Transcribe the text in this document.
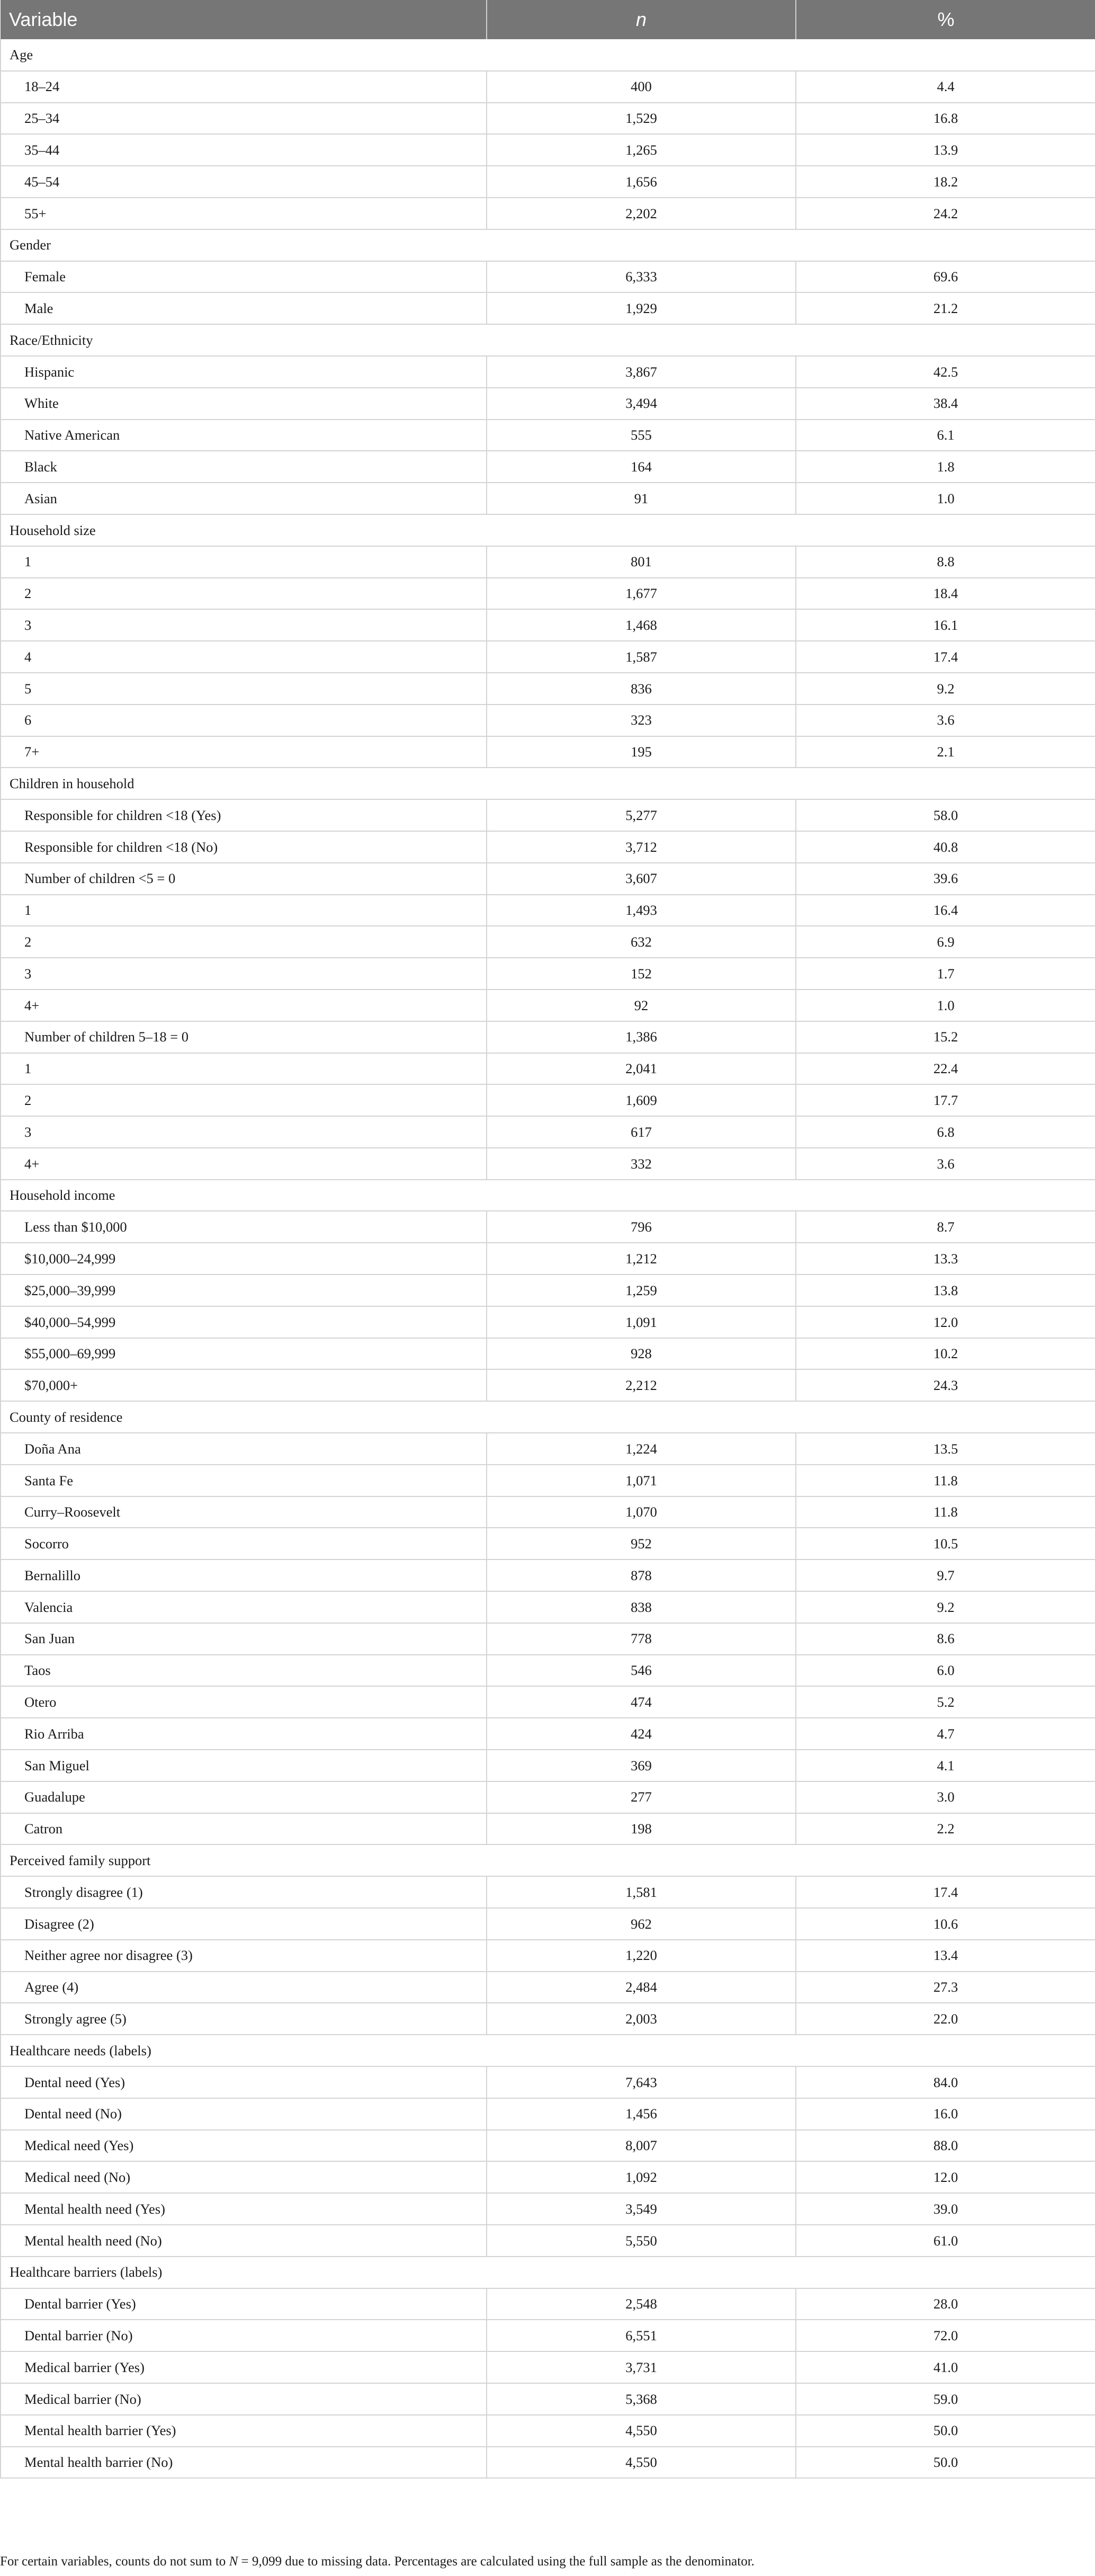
Variable	n	%
Age		
18–24	400	4.4
25–34	1,529	16.8
35–44	1,265	13.9
45–54	1,656	18.2
55+	2,202	24.2
Gender		
Female	6,333	69.6
Male	1,929	21.2
Race/Ethnicity		
Hispanic	3,867	42.5
White	3,494	38.4
Native American	555	6.1
Black	164	1.8
Asian	91	1.0
Household size		
1	801	8.8
2	1,677	18.4
3	1,468	16.1
4	1,587	17.4
5	836	9.2
6	323	3.6
7+	195	2.1
Children in household		
Responsible for children <18 (Yes)	5,277	58.0
Responsible for children <18 (No)	3,712	40.8
Number of children <5 = 0	3,607	39.6
1	1,493	16.4
2	632	6.9
3	152	1.7
4+	92	1.0
Number of children 5–18 = 0	1,386	15.2
1	2,041	22.4
2	1,609	17.7
3	617	6.8
4+	332	3.6
Household income		
Less than $10,000	796	8.7
$10,000–24,999	1,212	13.3
$25,000–39,999	1,259	13.8
$40,000–54,999	1,091	12.0
$55,000–69,999	928	10.2
$70,000+	2,212	24.3
County of residence		
Doña Ana	1,224	13.5
Santa Fe	1,071	11.8
Curry–Roosevelt	1,070	11.8
Socorro	952	10.5
Bernalillo	878	9.7
Valencia	838	9.2
San Juan	778	8.6
Taos	546	6.0
Otero	474	5.2
Rio Arriba	424	4.7
San Miguel	369	4.1
Guadalupe	277	3.0
Catron	198	2.2
Perceived family support		
Strongly disagree (1)	1,581	17.4
Disagree (2)	962	10.6
Neither agree nor disagree (3)	1,220	13.4
Agree (4)	2,484	27.3
Strongly agree (5)	2,003	22.0
Healthcare needs (labels)		
Dental need (Yes)	7,643	84.0
Dental need (No)	1,456	16.0
Medical need (Yes)	8,007	88.0
Medical need (No)	1,092	12.0
Mental health need (Yes)	3,549	39.0
Mental health need (No)	5,550	61.0
Healthcare barriers (labels)		
Dental barrier (Yes)	2,548	28.0
Dental barrier (No)	6,551	72.0
Medical barrier (Yes)	3,731	41.0
Medical barrier (No)	5,368	59.0
Mental health barrier (Yes)	4,550	50.0
Mental health barrier (No)	4,550	50.0
For certain variables, counts do not sum to N = 9,099 due to missing data. Percentages are calculated using the full sample as the denominator.
